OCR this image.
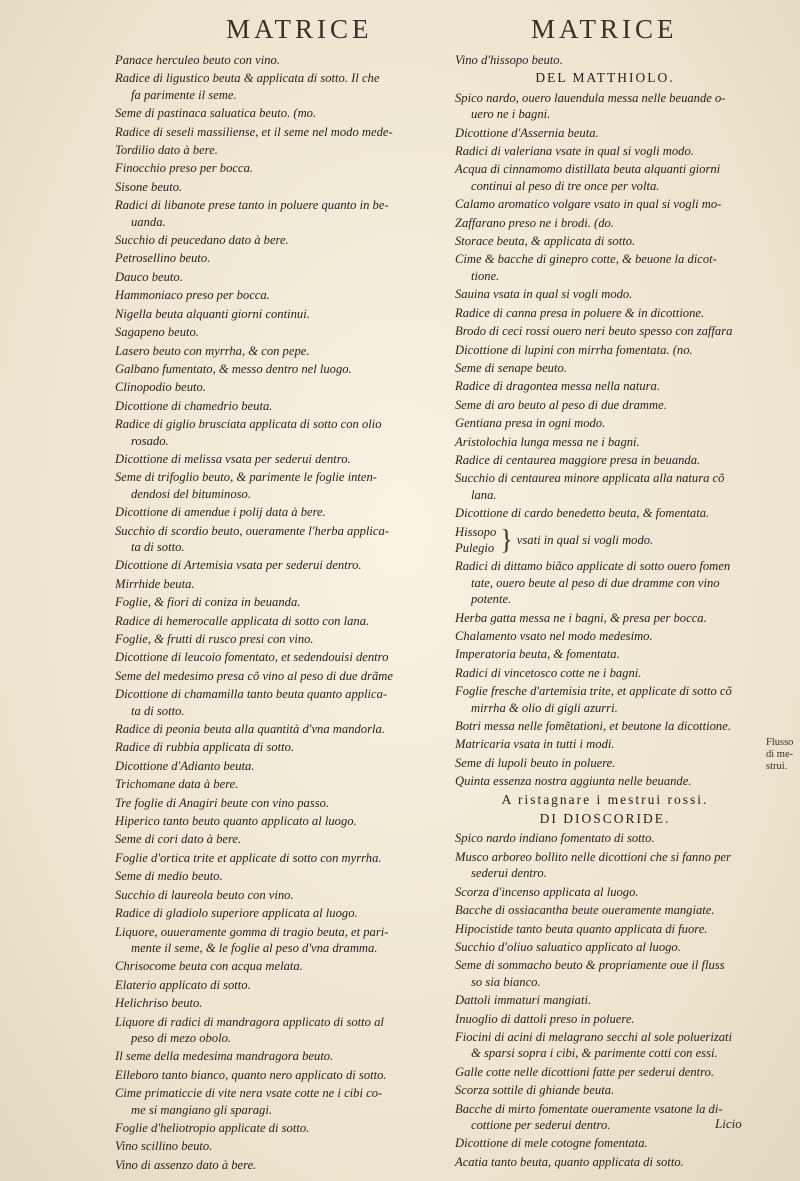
MATRICE	MATRICE
Panace herculeo beuto con vino.
Radice di ligustico beuta & applicata di sotto. Il che

fa parimente il seme.
Seme di pastinaca saluatica beuto. (mo.
Radice di seseli massiliense, et il seme nel modo mede-
Tordilio dato à bere.
Finocchio preso per bocca.
Sisone beuto.
Radici di libanote prese tanto in poluere quanto in be-

uanda.
Succhio di peucedano dato à bere.
Petrosellino beuto.
Dauco beuto.
Hammoniaco preso per bocca.
Nigella beuta alquanti giorni continui.
Sagapeno beuto.
Lasero beuto con myrrha, & con pepe.
Galbano fumentato, & messo dentro nel luogo.
Clinopodio beuto.
Dicottione di chamedrio beuta.
Radice di giglio brusciata applicata di sotto con olio

rosado.
Dicottione di melissa vsata per sederui dentro.
Seme di trifoglio beuto, & parimente le foglie inten-

dendosi del bituminoso.
Dicottione di amendue i polij data à bere.
Succhio di scordio beuto, oueramente l'herba applica-

ta di sotto.
Dicottione di Artemisia vsata per sederui dentro.
Mirrhide beuta.
Foglie, & fiori di coniza in beuanda.
Radice di hemerocalle applicata di sotto con lana.
Foglie, & frutti di rusco presi con vino.
Dicottione di leucoio fomentato, et sedendouisi dentro
Seme del medesimo presa cõ vino al peso di due drãme
Dicottione di chamamilla tanto beuta quanto applica-

ta di sotto.
Radice di peonia beuta alla quantità d'vna mandorla.
Radice di rubbia applicata di sotto.
Dicottione d'Adianto beuta.
Trichomane data à bere.
Tre foglie di Anagiri beute con vino passo.
Hiperico tanto beuto quanto applicato al luogo.
Seme di cori dato à bere.
Foglie d'ortica trite et applicate di sotto con myrrha.
Seme di medio beuto.
Succhio di laureola beuto con vino.
Radice di gladiolo superiore applicata al luogo.
Liquore, ouueramente gomma di tragio beuta, et pari-

mente il seme, & le foglie al peso d'vna dramma.
Chrisocome beuta con acqua melata.
Elaterio applicato di sotto.
Helichriso beuto.
Liquore di radici di mandragora applicato di sotto al

peso di mezo obolo.
Il seme della medesima mandragora beuto.
Elleboro tanto bianco, quanto nero applicato di sotto.
Cime primaticcie di vite nera vsate cotte ne i cibi co-

me si mangiano gli sparagi.
Foglie d'heliotropio applicate di sotto.
Vino scillino beuto.
Vino di assenzo dato à bere.
Vino d'hissopo beuto.
DEL MATTHIOLO.
Spico nardo, ouero lauendula messa nelle beuande o-

uero ne i bagni.
Dicottione d'Assernia beuta.
Radici di valeriana vsate in qual si vogli modo.
Acqua di cinnamomo distillata beuta alquanti giorni

continui al peso di tre once per volta.
Calamo aromatico volgare vsato in qual si vogli mo-
Zaffarano preso ne i brodi. (do.
Storace beuta, & applicata di sotto.
Cime & bacche di ginepro cotte, & beuone la dicot-

tione.
Sauina vsata in qual si vogli modo.
Radice di canna presa in poluere & in dicottione.
Brodo di ceci rossi ouero neri beuto spesso con zaffara
Dicottione di lupini con mirrha fomentata. (no.
Seme di senape beuto.
Radice di dragontea messa nella natura.
Seme di aro beuto al peso di due dramme.
Gentiana presa in ogni modo.
Aristolochia lunga messa ne i bagni.
Radice di centaurea maggiore presa in beuanda.
Succhio di centaurea minore applicata alla natura cõ

lana.
Dicottione di cardo benedetto beuta, & fomentata.
Hissopo
Pulegio } vsati in qual si vogli modo.
Radici di dittamo biãco applicate di sotto ouero fomen

tate, ouero beute al peso di due dramme con vino
potente.
Herba gatta messa ne i bagni, & presa per bocca.
Chalamento vsato nel modo medesimo.
Imperatoria beuta, & fomentata.
Radici di vincetosco cotte ne i bagni.
Foglie fresche d'artemisia trite, et applicate di sotto cõ

mirrha & olio di gigli azurri.
Botri messa nelle fomẽtationi, et beutone la dicottione.
Matricaria vsata in tutti i modi.
Seme di lupoli beuto in poluere.
Quinta essenza nostra aggiunta nelle beuande.
A ristagnare i mestrui rossi.
DI DIOSCORIDE.
Spico nardo indiano fomentato di sotto.
Musco arboreo bollito nelle dicottioni che si fanno per

sederui dentro.
Scorza d'incenso applicata al luogo.
Bacche di ossiacantha beute oueramente mangiate.
Hipocistide tanto beuta quanto applicata di fuore.
Succhio d'oliuo saluatico applicato al luogo.
Seme di sommacho beuto & propriamente oue il fluss

so sia bianco.
Dattoli immaturi mangiati.
Inuoglio di dattoli preso in poluere.
Fiocini di acini di melagrano secchi al sole poluerizati

& sparsi sopra i cibi, & parimente cotti con essi.
Galle cotte nelle dicottioni fatte per sederui dentro.
Scorza sottile di ghiande beuta.
Bacche di mirto fomentate oueramente vsatone la di-

cottione per sederui dentro.
Dicottione di mele cotogne fomentata.
Acatia tanto beuta, quanto applicata di sotto.
Flusso di me-strui.
Licio
